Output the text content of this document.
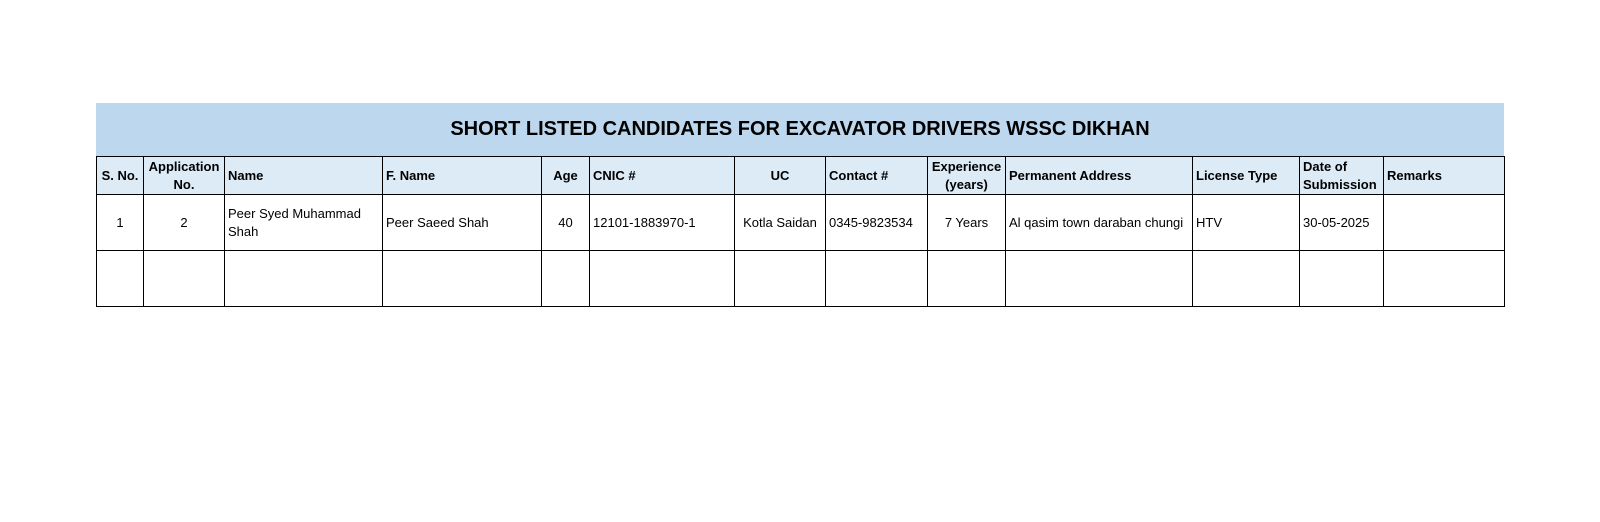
SHORT LISTED CANDIDATES FOR EXCAVATOR DRIVERS WSSC DIKHAN
S. No.	Application No.	Name	F. Name	Age	CNIC #	UC	Contact #	Experience (years)	Permanent Address	License Type	Date of Submission	Remarks
1	2	Peer Syed Muhammad Shah	Peer Saeed Shah	40	12101-1883970-1	Kotla Saidan	0345-9823534	7 Years	Al qasim town daraban chungi	HTV	30-05-2025	
